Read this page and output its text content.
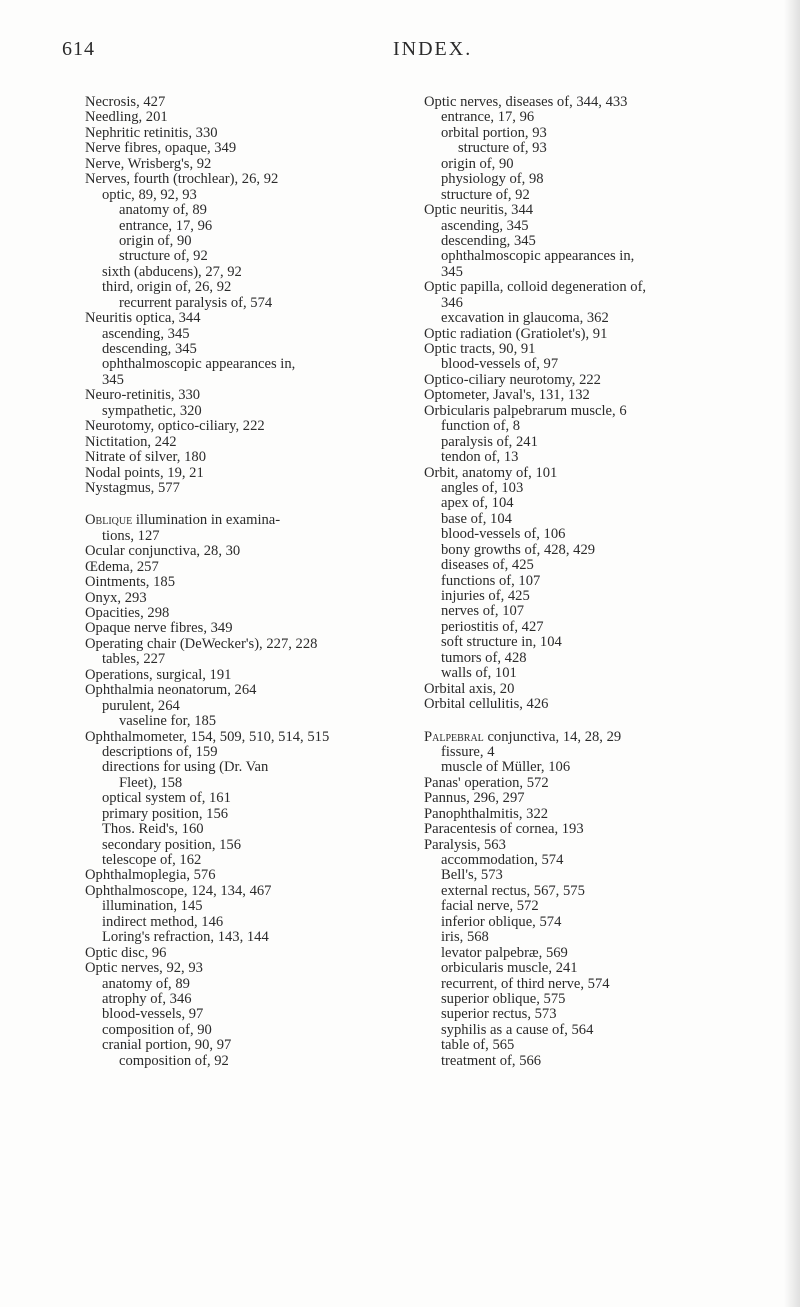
614	INDEX.
Necrosis, 427
Needling, 201
Nephritic retinitis, 330
Nerve fibres, opaque, 349
Nerve, Wrisberg's, 92
Nerves, fourth (trochlear), 26, 92
optic, 89, 92, 93
anatomy of, 89
entrance, 17, 96
origin of, 90
structure of, 92
sixth (abducens), 27, 92
third, origin of, 26, 92
recurrent paralysis of, 574
Neuritis optica, 344
ascending, 345
descending, 345
ophthalmoscopic appearances in,
345
Neuro-retinitis, 330
sympathetic, 320
Neurotomy, optico-ciliary, 222
Nictitation, 242
Nitrate of silver, 180
Nodal points, 19, 21
Nystagmus, 577
Oblique illumination in examina-
tions, 127
Ocular conjunctiva, 28, 30
Œdema, 257
Ointments, 185
Onyx, 293
Opacities, 298
Opaque nerve fibres, 349
Operating chair (DeWecker's), 227, 228
tables, 227
Operations, surgical, 191
Ophthalmia neonatorum, 264
purulent, 264
vaseline for, 185
Ophthalmometer, 154, 509, 510, 514, 515
descriptions of, 159
directions for using (Dr. Van
Fleet), 158
optical system of, 161
primary position, 156
Thos. Reid's, 160
secondary position, 156
telescope of, 162
Ophthalmoplegia, 576
Ophthalmoscope, 124, 134, 467
illumination, 145
indirect method, 146
Loring's refraction, 143, 144
Optic disc, 96
Optic nerves, 92, 93
anatomy of, 89
atrophy of, 346
blood-vessels, 97
composition of, 90
cranial portion, 90, 97
composition of, 92
Optic nerves, diseases of, 344, 433
entrance, 17, 96
orbital portion, 93
structure of, 93
origin of, 90
physiology of, 98
structure of, 92
Optic neuritis, 344
ascending, 345
descending, 345
ophthalmoscopic appearances in,
345
Optic papilla, colloid degeneration of,
346
excavation in glaucoma, 362
Optic radiation (Gratiolet's), 91
Optic tracts, 90, 91
blood-vessels of, 97
Optico-ciliary neurotomy, 222
Optometer, Javal's, 131, 132
Orbicularis palpebrarum muscle, 6
function of, 8
paralysis of, 241
tendon of, 13
Orbit, anatomy of, 101
angles of, 103
apex of, 104
base of, 104
blood-vessels of, 106
bony growths of, 428, 429
diseases of, 425
functions of, 107
injuries of, 425
nerves of, 107
periostitis of, 427
soft structure in, 104
tumors of, 428
walls of, 101
Orbital axis, 20
Orbital cellulitis, 426
Palpebral conjunctiva, 14, 28, 29
fissure, 4
muscle of Müller, 106
Panas' operation, 572
Pannus, 296, 297
Panophthalmitis, 322
Paracentesis of cornea, 193
Paralysis, 563
accommodation, 574
Bell's, 573
external rectus, 567, 575
facial nerve, 572
inferior oblique, 574
iris, 568
levator palpebræ, 569
orbicularis muscle, 241
recurrent, of third nerve, 574
superior oblique, 575
superior rectus, 573
syphilis as a cause of, 564
table of, 565
treatment of, 566
